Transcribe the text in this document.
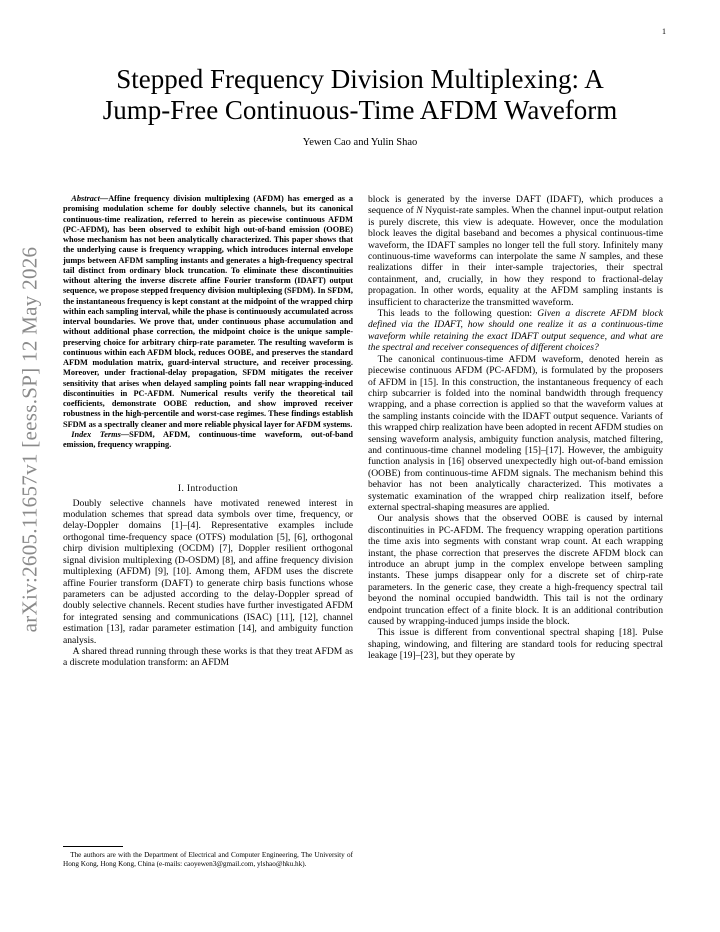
1
arXiv:2605.11657v1 [eess.SP] 12 May 2026
Stepped Frequency Division Multiplexing: A
Jump-Free Continuous-Time AFDM Waveform
Yewen Cao and Yulin Shao

Abstract—Affine frequency division multiplexing (AFDM) has emerged as a promising modulation scheme for doubly selective channels, but its canonical continuous-time realization, referred to herein as piecewise continuous AFDM (PC-AFDM), has been observed to exhibit high out-of-band emission (OOBE) whose mechanism has not been analytically characterized. This paper shows that the underlying cause is frequency wrapping, which introduces internal envelope jumps between AFDM sampling instants and generates a high-frequency spectral tail distinct from ordinary block truncation. To eliminate these discontinuities without altering the inverse discrete affine Fourier transform (IDAFT) output sequence, we propose stepped frequency division multiplexing (SFDM). In SFDM, the instantaneous frequency is kept constant at the midpoint of the wrapped chirp within each sampling interval, while the phase is continuously accumulated across interval boundaries. We prove that, under continuous phase accumulation and without additional phase correction, the midpoint choice is the unique sample-preserving choice for arbitrary chirp-rate parameter. The resulting waveform is continuous within each AFDM block, reduces OOBE, and preserves the standard AFDM modulation matrix, guard-interval structure, and receiver processing. Moreover, under fractional-delay propagation, SFDM mitigates the receiver sensitivity that arises when delayed sampling points fall near wrapping-induced discontinuities in PC-AFDM. Numerical results verify the theoretical tail coefficients, demonstrate OOBE reduction, and show improved receiver robustness in the high-percentile and worst-case regimes. These findings establish SFDM as a spectrally cleaner and more reliable physical layer for AFDM systems.

Index Terms—SFDM, AFDM, continuous-time waveform, out-of-band emission, frequency wrapping.

I. Introduction

Doubly selective channels have motivated renewed interest in modulation schemes that spread data symbols over time, frequency, or delay-Doppler domains [1]–[4]. Representative examples include orthogonal time-frequency space (OTFS) modulation [5], [6], orthogonal chirp division multiplexing (OCDM) [7], Doppler resilient orthogonal signal division multiplexing (D-OSDM) [8], and affine frequency division multiplexing (AFDM) [9], [10]. Among them, AFDM uses the discrete affine Fourier transform (DAFT) to generate chirp basis functions whose parameters can be adjusted according to the delay-Doppler spread of doubly selective channels. Recent studies have further investigated AFDM for integrated sensing and communications (ISAC) [11], [12], channel estimation [13], radar parameter estimation [14], and ambiguity function analysis.

A shared thread running through these works is that they treat AFDM as a discrete modulation transform: an AFDM

The authors are with the Department of Electrical and Computer Engineering, The University of Hong Kong, Hong Kong, China (e-mails: caoyewen3@gmail.com, ylshao@hku.hk).

block is generated by the inverse DAFT (IDAFT), which produces a sequence of N Nyquist-rate samples. When the channel input-output relation is purely discrete, this view is adequate. However, once the modulation block leaves the digital baseband and becomes a physical continuous-time waveform, the IDAFT samples no longer tell the full story. Infinitely many continuous-time waveforms can interpolate the same N samples, and these realizations differ in their inter-sample trajectories, their spectral containment, and, crucially, in how they respond to fractional-delay propagation. In other words, equality at the AFDM sampling instants is insufficient to characterize the transmitted waveform.

This leads to the following question: Given a discrete AFDM block defined via the IDAFT, how should one realize it as a continuous-time waveform while retaining the exact IDAFT output sequence, and what are the spectral and receiver consequences of different choices?

The canonical continuous-time AFDM waveform, denoted herein as piecewise continuous AFDM (PC-AFDM), is formulated by the proposers of AFDM in [15]. In this construction, the instantaneous frequency of each chirp subcarrier is folded into the nominal bandwidth through frequency wrapping, and a phase correction is applied so that the waveform values at the sampling instants coincide with the IDAFT output sequence. Variants of this wrapped chirp realization have been adopted in recent AFDM studies on sensing waveform analysis, ambiguity function analysis, matched filtering, and continuous-time channel modeling [15]–[17]. However, the ambiguity function analysis in [16] observed unexpectedly high out-of-band emission (OOBE) from continuous-time AFDM signals. The mechanism behind this behavior has not been analytically characterized. This motivates a systematic examination of the wrapped chirp realization itself, before external spectral-shaping measures are applied.

Our analysis shows that the observed OOBE is caused by internal discontinuities in PC-AFDM. The frequency wrapping operation partitions the time axis into segments with constant wrap count. At each wrapping instant, the phase correction that preserves the discrete AFDM block can introduce an abrupt jump in the complex envelope between sampling instants. These jumps disappear only for a discrete set of chirp-rate parameters. In the generic case, they create a high-frequency spectral tail beyond the nominal occupied bandwidth. This tail is not the ordinary endpoint truncation effect of a finite block. It is an additional contribution caused by wrapping-induced jumps inside the block.

This issue is different from conventional spectral shaping [18]. Pulse shaping, windowing, and filtering are standard tools for reducing spectral leakage [19]–[23], but they operate by
